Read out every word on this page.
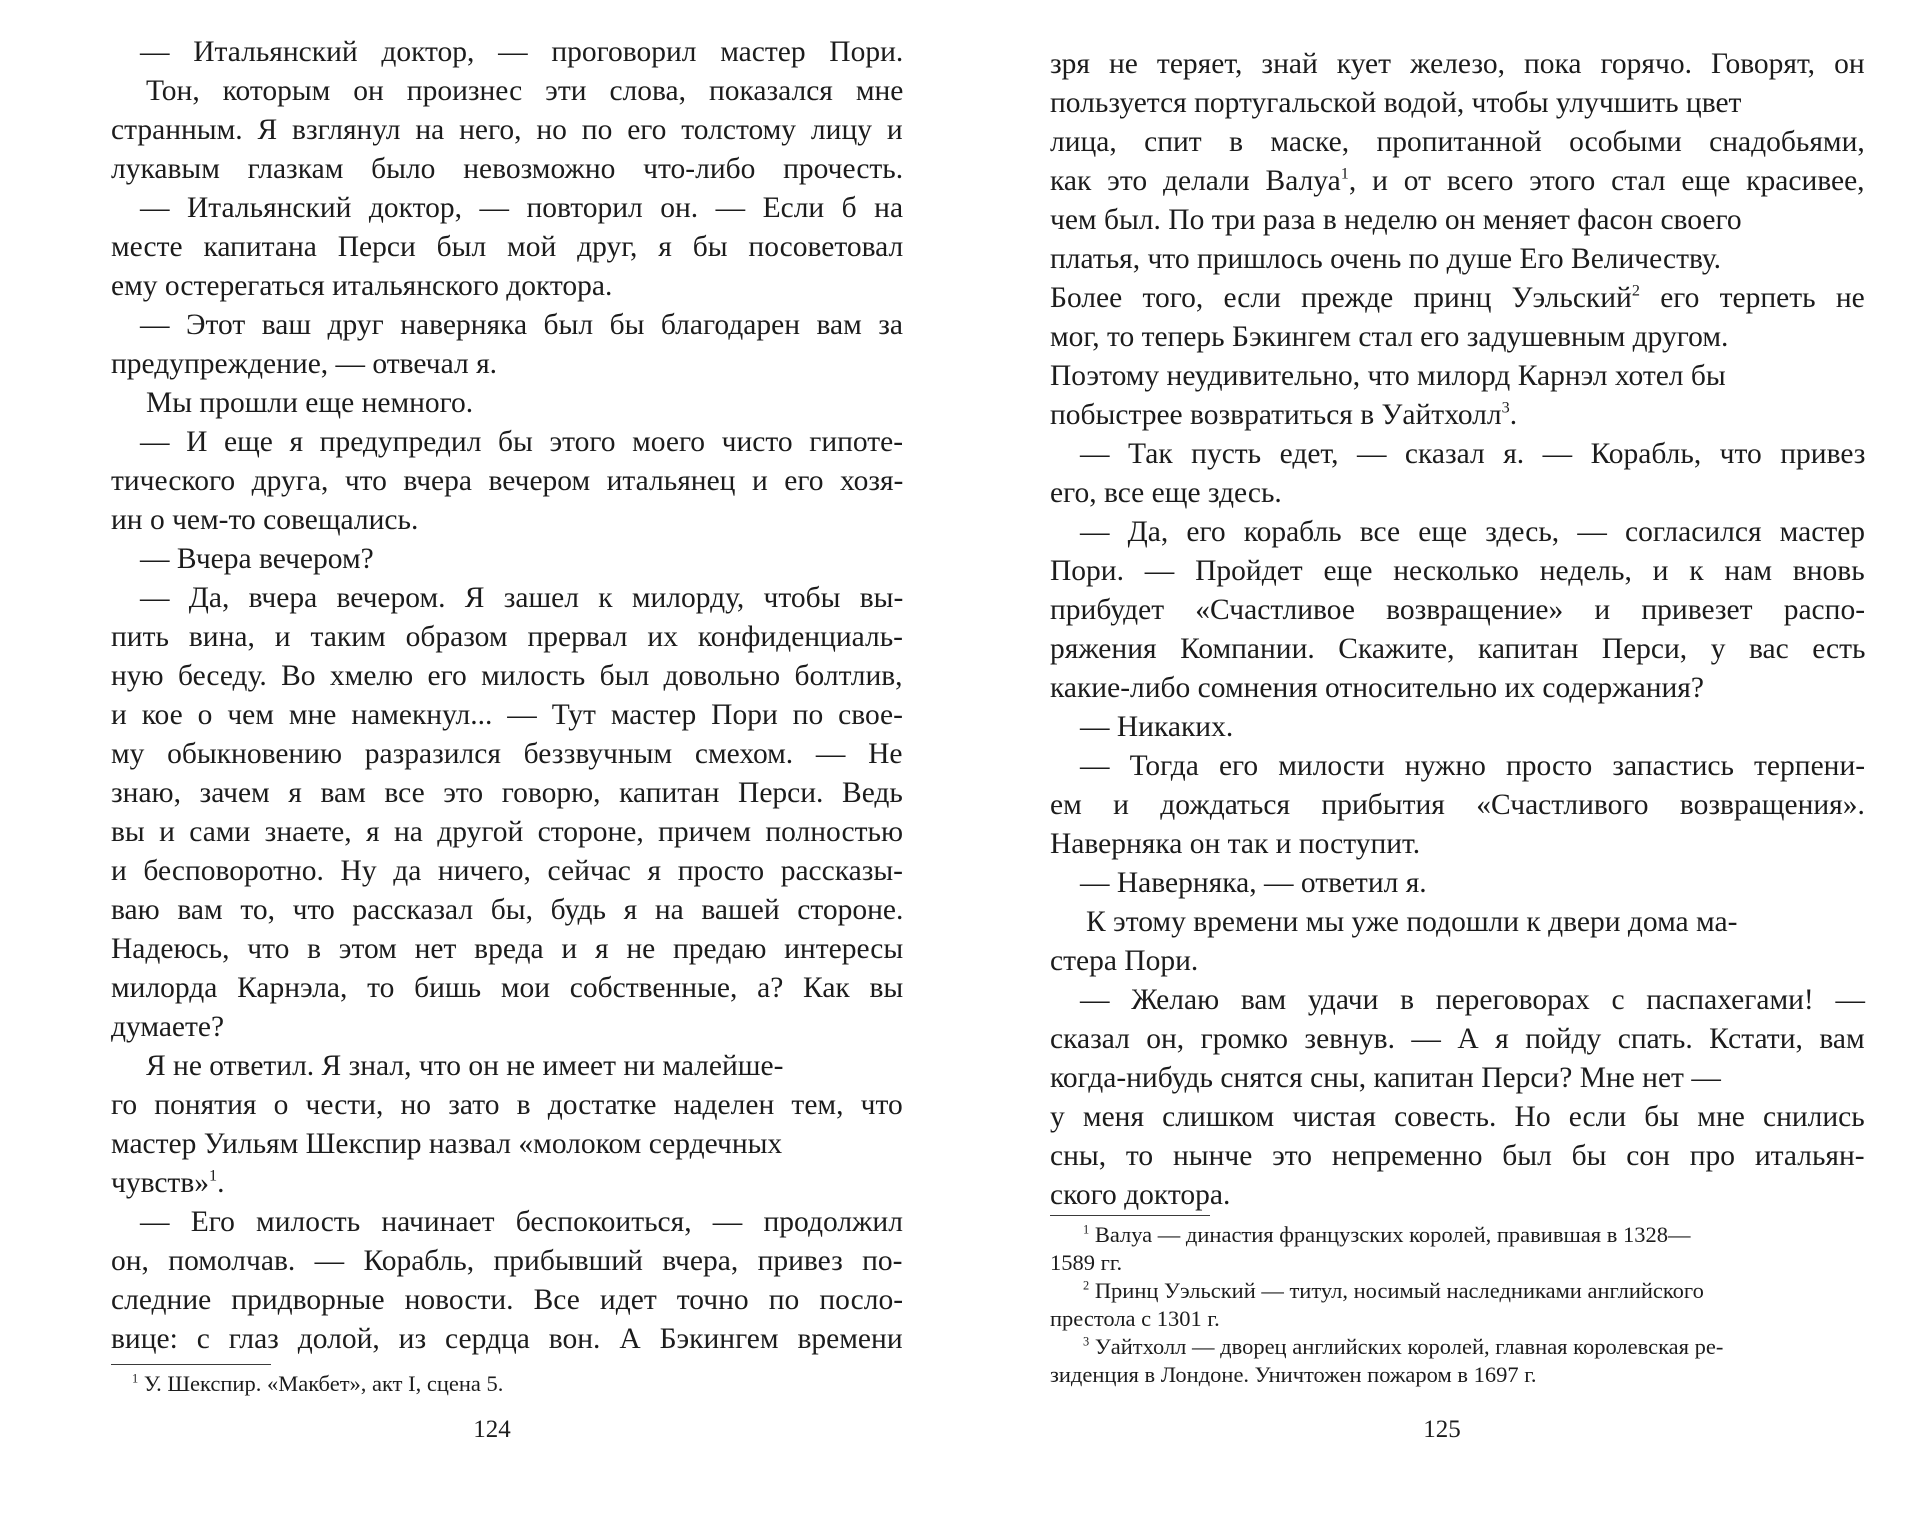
— Итальянский доктор, — проговорил мастер Пори.
Тон, которым он произнес эти слова, показался мне
странным. Я взглянул на него, но по его толстому лицу и
лукавым глазкам было невозможно что-либо прочесть.
— Итальянский доктор, — повторил он. — Если б на
месте капитана Перси был мой друг, я бы посоветовал
ему остерегаться итальянского доктора.
— Этот ваш друг наверняка был бы благодарен вам за
предупреждение, — отвечал я.
Мы прошли еще немного.
— И еще я предупредил бы этого моего чисто гипоте-
тического друга, что вчера вечером итальянец и его хозя-
ин о чем-то совещались.
— Вчера вечером?
— Да, вчера вечером. Я зашел к милорду, чтобы вы-
пить вина, и таким образом прервал их конфиденциаль-
ную беседу. Во хмелю его милость был довольно болтлив,
и кое о чем мне намекнул... — Тут мастер Пори по свое-
му обыкновению разразился беззвучным смехом. — Не
знаю, зачем я вам все это говорю, капитан Перси. Ведь
вы и сами знаете, я на другой стороне, причем полностью
и бесповоротно. Ну да ничего, сейчас я просто рассказы-
ваю вам то, что рассказал бы, будь я на вашей стороне.
Надеюсь, что в этом нет вреда и я не предаю интересы
милорда Карнэла, то бишь мои собственные, а? Как вы
думаете?
Я не ответил. Я знал, что он не имеет ни малейше-
го понятия о чести, но зато в достатке наделен тем, что
мастер Уильям Шекспир назвал «молоком сердечных
чувств»$^1$.
— Его милость начинает беспокоиться, — продолжил
он, помолчав. — Корабль, прибывший вчера, привез по-
следние придворные новости. Все идет точно по посло-
вице: с глаз долой, из сердца вон. А Бэкингем времени
$^1$ У. Шекспир. «Макбет», акт I, сцена 5.
124
зря не теряет, знай кует железо, пока горячо. Говорят, он
пользуется португальской водой, чтобы улучшить цвет
лица, спит в маске, пропитанной особыми снадобьями,
как это делали Валуа$^1$, и от всего этого стал еще красивее,
чем был. По три раза в неделю он меняет фасон своего
платья, что пришлось очень по душе Его Величеству.
Более того, если прежде принц Уэльский$^2$ его терпеть не
мог, то теперь Бэкингем стал его задушевным другом.
Поэтому неудивительно, что милорд Карнэл хотел бы
побыстрее возвратиться в Уайтхолл$^3$.
— Так пусть едет, — сказал я. — Корабль, что привез
его, все еще здесь.
— Да, его корабль все еще здесь, — согласился мастер
Пори. — Пройдет еще несколько недель, и к нам вновь
прибудет «Счастливое возвращение» и привезет распо-
ряжения Компании. Скажите, капитан Перси, у вас есть
какие-либо сомнения относительно их содержания?
— Никаких.
— Тогда его милости нужно просто запастись терпени-
ем и дождаться прибытия «Счастливого возвращения».
Наверняка он так и поступит.
— Наверняка, — ответил я.
К этому времени мы уже подошли к двери дома ма-
стера Пори.
— Желаю вам удачи в переговорах с паспахегами! —
сказал он, громко зевнув. — А я пойду спать. Кстати, вам
когда-нибудь снятся сны, капитан Перси? Мне нет —
у меня слишком чистая совесть. Но если бы мне снились
сны, то нынче это непременно был бы сон про итальян-
ского доктора.
$^1$ Валуа — династия французских королей, правившая в 1328—
1589 гг.
$^2$ Принц Уэльский — титул, носимый наследниками английского
престола с 1301 г.
$^3$ Уайтхолл — дворец английских королей, главная королевская ре-
зиденция в Лондоне. Уничтожен пожаром в 1697 г.
125
